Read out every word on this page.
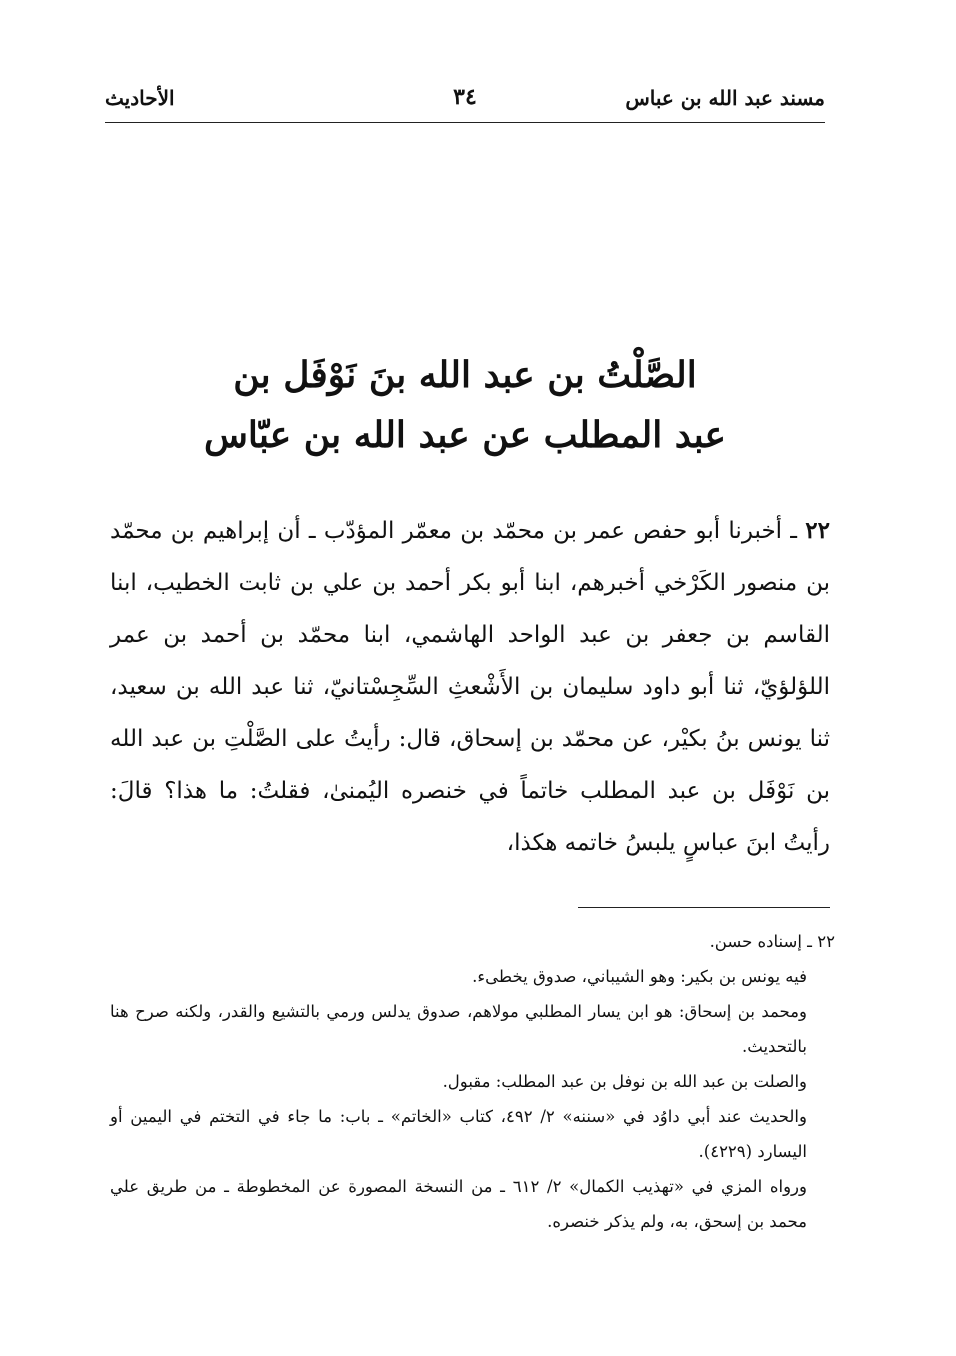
مسند عبد الله بن عباس
٣٤
الأحاديث
الصَّلْتُ بن عبد الله بنَ نَوْفَل بن
عبد المطلب عن عبد الله بن عبّاس
٢٢ ـ أخبرنا أبو حفص عمر بن محمّد بن معمّر المؤدّب ـ أن إبراهيم بن محمّد بن منصور الكَرْخي أخبرهم، ابنا أبو بكر أحمد بن علي بن ثابت الخطيب، ابنا القاسم بن جعفر بن عبد الواحد الهاشمي، ابنا محمّد بن أحمد بن عمر اللؤلؤيّ، ثنا أبو داود سليمان بن الأَشْعثِ السِّجِسْتانيّ، ثنا عبد الله بن سعيد، ثنا يونس بنُ بكيْر، عن محمّد بن إسحاق، قال: رأيتُ على الصَّلْتِ بن عبد الله بن نَوْفَل بن عبد المطلب خاتماً في خنصره اليُمنىٰ، فقلتُ: ما هذا؟ قالَ: رأيتُ ابنَ عباسٍ يلبسُ خاتمه هكذا،

٢٢ ـ إسناده حسن.

فيه يونس بن بكير: وهو الشيباني، صدوق يخطىء.

ومحمد بن إسحاق: هو ابن يسار المطلبي مولاهم، صدوق يدلس ورمي بالتشيع والقدر، ولكنه صرح هنا بالتحديث.

والصلت بن عبد الله بن نوفل بن عبد المطلب: مقبول.

والحديث عند أبي داوُد في «سننه» ٢/ ٤٩٢، كتاب «الخاتم» ـ باب: ما جاء في التختم في اليمين أو اليسارد (٤٢٢٩).

ورواه المزي في «تهذيب الكمال» ٢/ ٦١٢ ـ من النسخة المصورة عن المخطوطة ـ من طريق علي محمد بن إسحق، به، ولم يذكر خنصره.
